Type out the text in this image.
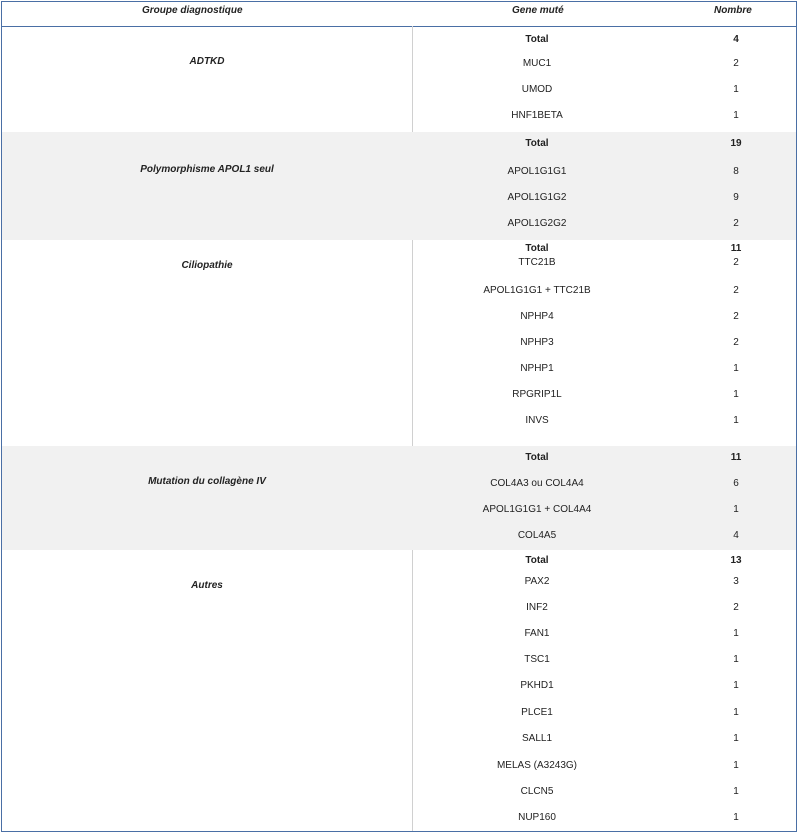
Groupe diagnostique	Gene muté	Nombre
ADTKD
Total	4
MUC1	2
UMOD	1
HNF1BETA	1
Polymorphisme APOL1 seul
Total	19
APOL1G1G1	8
APOL1G1G2	9
APOL1G2G2	2
Ciliopathie
Total	11
TTC21B	2
APOL1G1G1 + TTC21B	2
NPHP4	2
NPHP3	2
NPHP1	1
RPGRIP1L	1
INVS	1
Mutation du collagène IV
Total	11
COL4A3 ou COL4A4	6
APOL1G1G1 + COL4A4	1
COL4A5	4
Autres
Total	13
PAX2	3
INF2	2
FAN1	1
TSC1	1
PKHD1	1
PLCE1	1
SALL1	1
MELAS (A3243G)	1
CLCN5	1
NUP160	1
